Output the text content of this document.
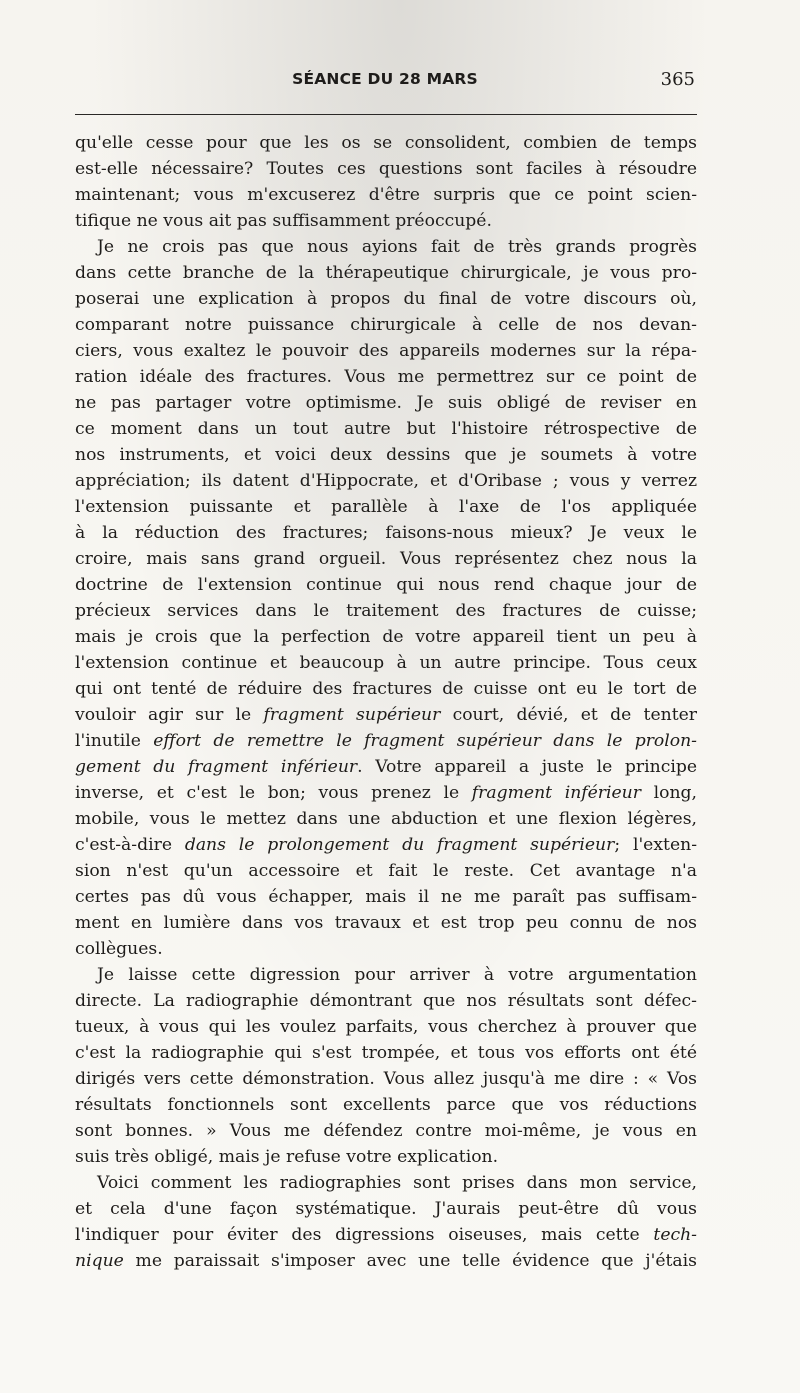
SÉANCE DU 28 MARS	365
qu'elle cesse pour que les os se consolident, combien de temps
est-elle nécessaire? Toutes ces questions sont faciles à résoudre
maintenant; vous m'excuserez d'être surpris que ce point scien-
tifique ne vous ait pas suffisamment préoccupé.
Je ne crois pas que nous ayions fait de très grands progrès
dans cette branche de la thérapeutique chirurgicale, je vous pro-
poserai une explication à propos du final de votre discours où,
comparant notre puissance chirurgicale à celle de nos devan-
ciers, vous exaltez le pouvoir des appareils modernes sur la répa-
ration idéale des fractures. Vous me permettrez sur ce point de
ne pas partager votre optimisme. Je suis obligé de reviser en
ce moment dans un tout autre but l'histoire rétrospective de
nos instruments, et voici deux dessins que je soumets à votre
appréciation; ils datent d'Hippocrate, et d'Oribase ; vous y verrez
l'extension puissante et parallèle à l'axe de l'os appliquée
à la réduction des fractures; faisons-nous mieux? Je veux le
croire, mais sans grand orgueil. Vous représentez chez nous la
doctrine de l'extension continue qui nous rend chaque jour de
précieux services dans le traitement des fractures de cuisse;
mais je crois que la perfection de votre appareil tient un peu à
l'extension continue et beaucoup à un autre principe. Tous ceux
qui ont tenté de réduire des fractures de cuisse ont eu le tort de
vouloir agir sur le fragment supérieur court, dévié, et de tenter
l'inutile effort de remettre le fragment supérieur dans le prolon-
gement du fragment inférieur. Votre appareil a juste le principe
inverse, et c'est le bon; vous prenez le fragment inférieur long,
mobile, vous le mettez dans une abduction et une flexion légères,
c'est-à-dire dans le prolongement du fragment supérieur; l'exten-
sion n'est qu'un accessoire et fait le reste. Cet avantage n'a
certes pas dû vous échapper, mais il ne me paraît pas suffisam-
ment en lumière dans vos travaux et est trop peu connu de nos
collègues.
Je laisse cette digression pour arriver à votre argumentation
directe. La radiographie démontrant que nos résultats sont défec-
tueux, à vous qui les voulez parfaits, vous cherchez à prouver que
c'est la radiographie qui s'est trompée, et tous vos efforts ont été
dirigés vers cette démonstration. Vous allez jusqu'à me dire : « Vos
résultats fonctionnels sont excellents parce que vos réductions
sont bonnes. » Vous me défendez contre moi-même, je vous en
suis très obligé, mais je refuse votre explication.
Voici comment les radiographies sont prises dans mon service,
et cela d'une façon systématique. J'aurais peut-être dû vous
l'indiquer pour éviter des digressions oiseuses, mais cette tech-
nique me paraissait s'imposer avec une telle évidence que j'étais
